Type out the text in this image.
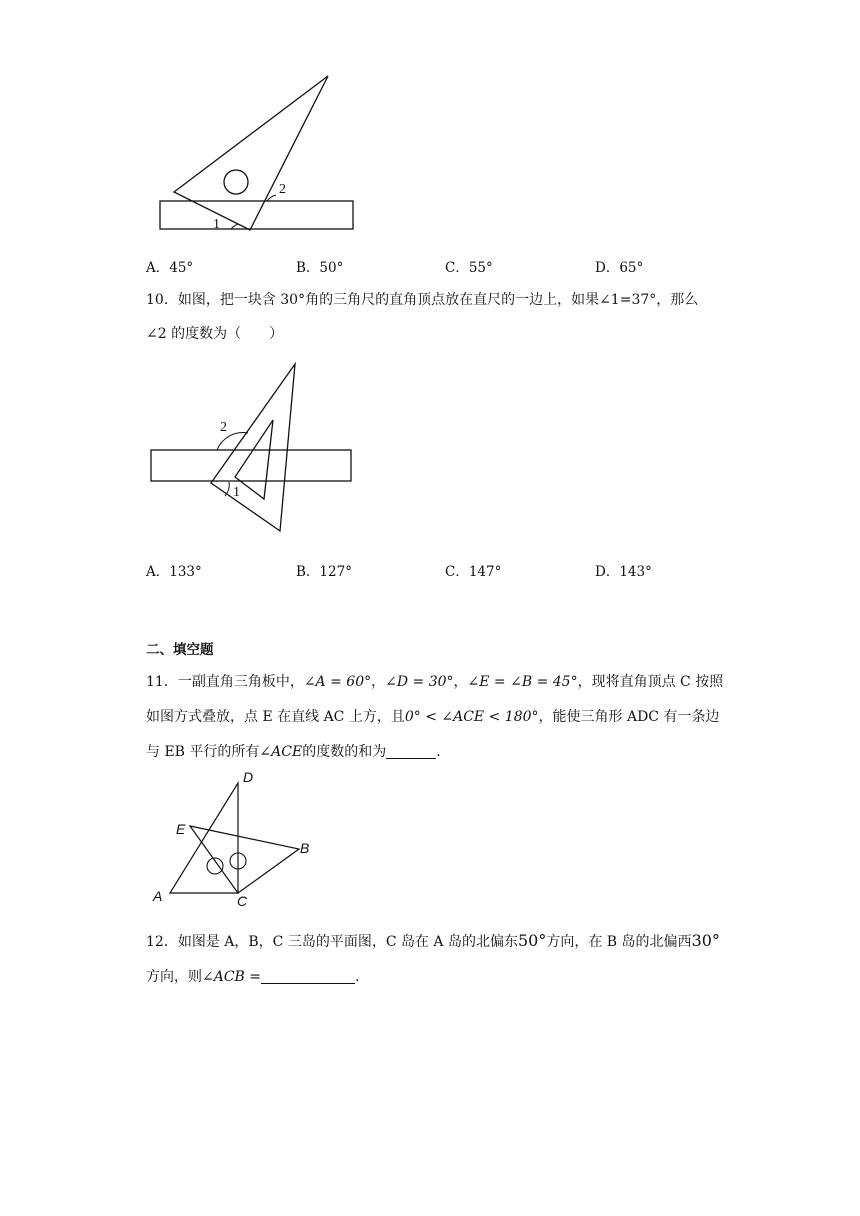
1
2
A．45°	B．50°	C．55°	D．65°
10．如图，把一块含 30°角的三角尺的直角顶点放在直尺的一边上，如果∠1=37°，那么
∠2 的度数为（　　）
1
2
A．133°	B．127°	C．147°	D．143°
二、填空题
11．一副直角三角板中，∠A = 60°，∠D = 30°，∠E = ∠B = 45°，现将直角顶点 C 按照
如图方式叠放，点 E 在直线 AC 上方，且0° < ∠ACE < 180°，能使三角形 ADC 有一条边
与 EB 平行的所有∠ACE的度数的和为	.
D
E
B
A	C
12．如图是 A，B，C 三岛的平面图，C 岛在 A 岛的北偏东50°方向，在 B 岛的北偏西30°
方向，则∠ACB =	.
